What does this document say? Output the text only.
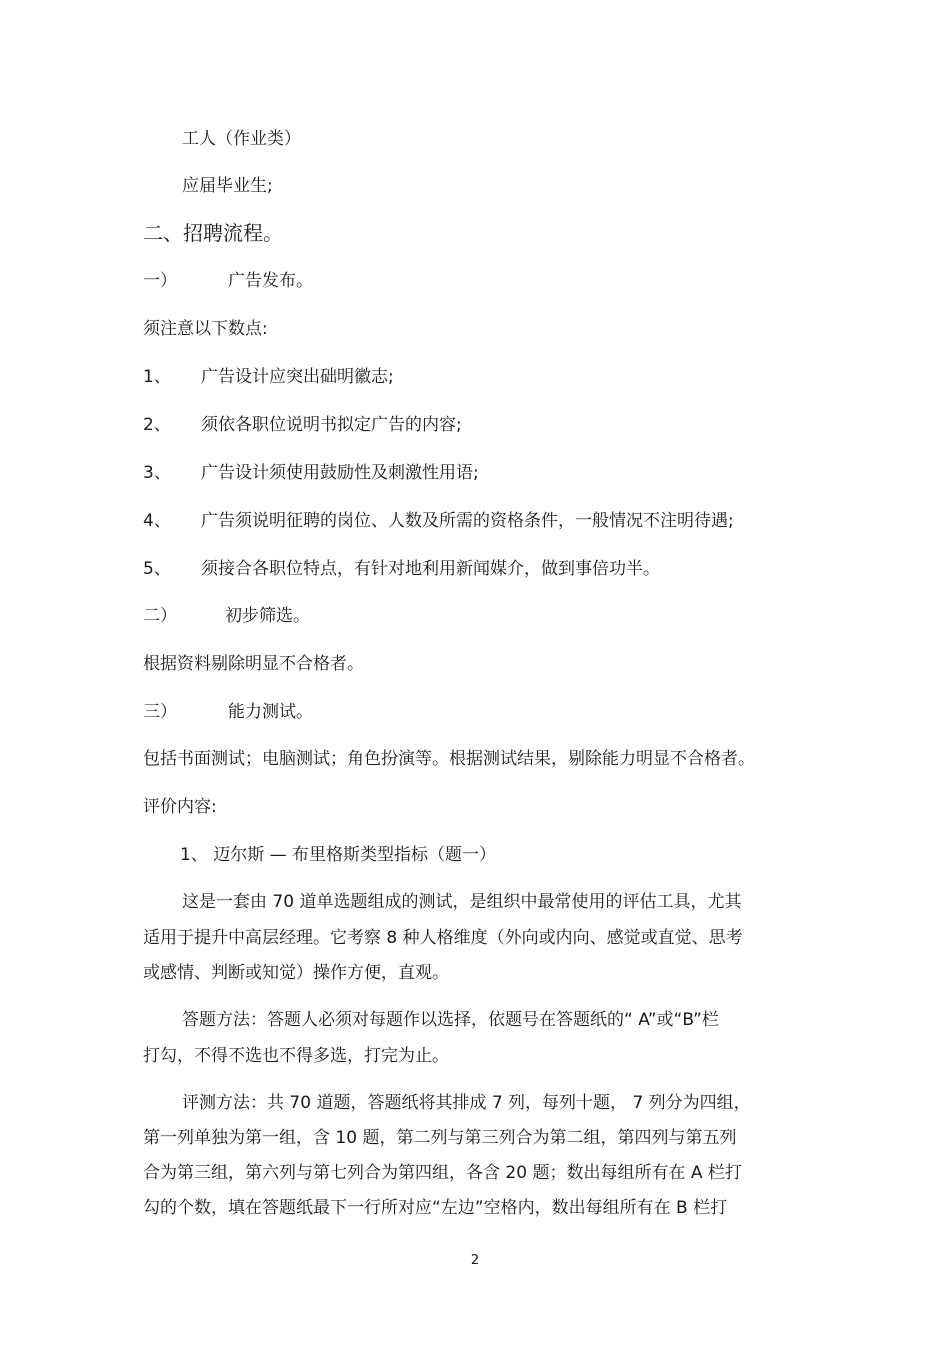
工人（作业类）
应届毕业生;
二、招聘流程。
一）	广告发布。
须注意以下数点:
1、 广告设计应突出础明徽志;
2、 须依各职位说明书拟定广告的内容;
3、 广告设计须使用鼓励性及刺激性用语;
4、 广告须说明征聘的岗位、人数及所需的资格条件，一般情况不注明待遇;
5、 须接合各职位特点，有针对地利用新闻媒介，做到事倍功半。
二）	初步筛选。
根据资料剔除明显不合格者。
三）	能力测试。
包括书面测试；电脑测试；角色扮演等。根据测试结果，剔除能力明显不合格者。
评价内容:
1、 迈尔斯 — 布里格斯类型指标（题一）
这是一套由 70 道单选题组成的测试，是组织中最常使用的评估工具，尤其
适用于提升中高层经理。它考察 8 种人格维度（外向或内向、感觉或直觉、思考
或感情、判断或知觉）操作方便，直观。
答题方法：答题人必须对每题作以选择，依题号在答题纸的“ A”或“B”栏
打勾，不得不选也不得多选，打完为止。
评测方法：共 70 道题，答题纸将其排成 7 列，每列十题， 7 列分为四组，
第一列单独为第一组，含 10 题，第二列与第三列合为第二组，第四列与第五列
合为第三组，第六列与第七列合为第四组，各含 20 题；数出每组所有在 A 栏打
勾的个数，填在答题纸最下一行所对应“左边”空格内，数出每组所有在 B 栏打
2
